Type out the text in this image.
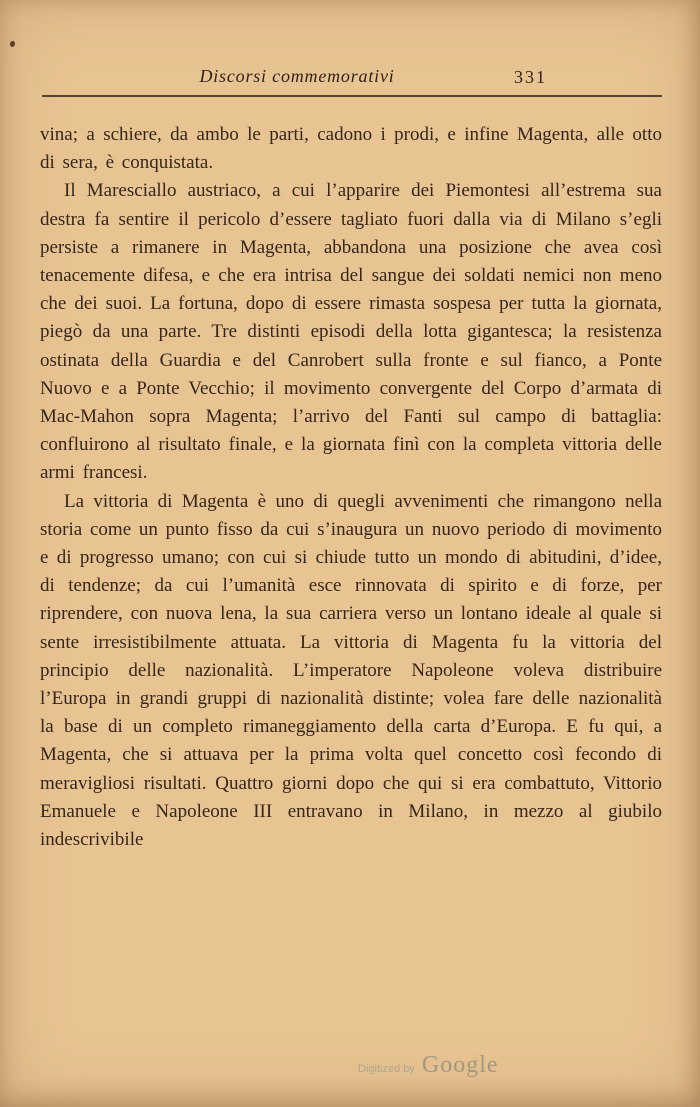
Discorsi commemorativi	331

vina; a schiere, da ambo le parti, cadono i prodi, e infine Magenta, alle otto di sera, è conquistata.

Il Maresciallo austriaco, a cui l’apparire dei Piemontesi all’estrema sua destra fa sentire il pericolo d’essere tagliato fuori dalla via di Milano s’egli persiste a rimanere in Magenta, abbandona una posizione che avea così tenacemente difesa, e che era intrisa del sangue dei soldati nemici non meno che dei suoi. La fortuna, dopo di essere rimasta sospesa per tutta la giornata, piegò da una parte. Tre distinti episodi della lotta gigantesca; la resistenza ostinata della Guardia e del Canrobert sulla fronte e sul fianco, a Ponte Nuovo e a Ponte Vecchio; il movimento convergente del Corpo d’armata di Mac-Mahon sopra Magenta; l’arrivo del Fanti sul campo di battaglia: confluirono al risultato finale, e la giornata finì con la completa vittoria delle armi francesi.

La vittoria di Magenta è uno di quegli avvenimenti che rimangono nella storia come un punto fisso da cui s’inaugura un nuovo periodo di movimento e di progresso umano; con cui si chiude tutto un mondo di abitudini, d’idee, di tendenze; da cui l’umanità esce rinnovata di spirito e di forze, per riprendere, con nuova lena, la sua carriera verso un lontano ideale al quale si sente irresistibilmente attuata. La vittoria di Magenta fu la vittoria del principio delle nazionalità. L’imperatore Napoleone voleva distribuire l’Europa in grandi gruppi di nazionalità distinte; volea fare delle nazionalità la base di un completo rimaneggiamento della carta d’Europa. E fu qui, a Magenta, che si attuava per la prima volta quel concetto così fecondo di meravigliosi risultati. Quattro giorni dopo che qui si era combattuto, Vittorio Emanuele e Napoleone III entravano in Milano, in mezzo al giubilo indescrivibile

Digitized by Google
